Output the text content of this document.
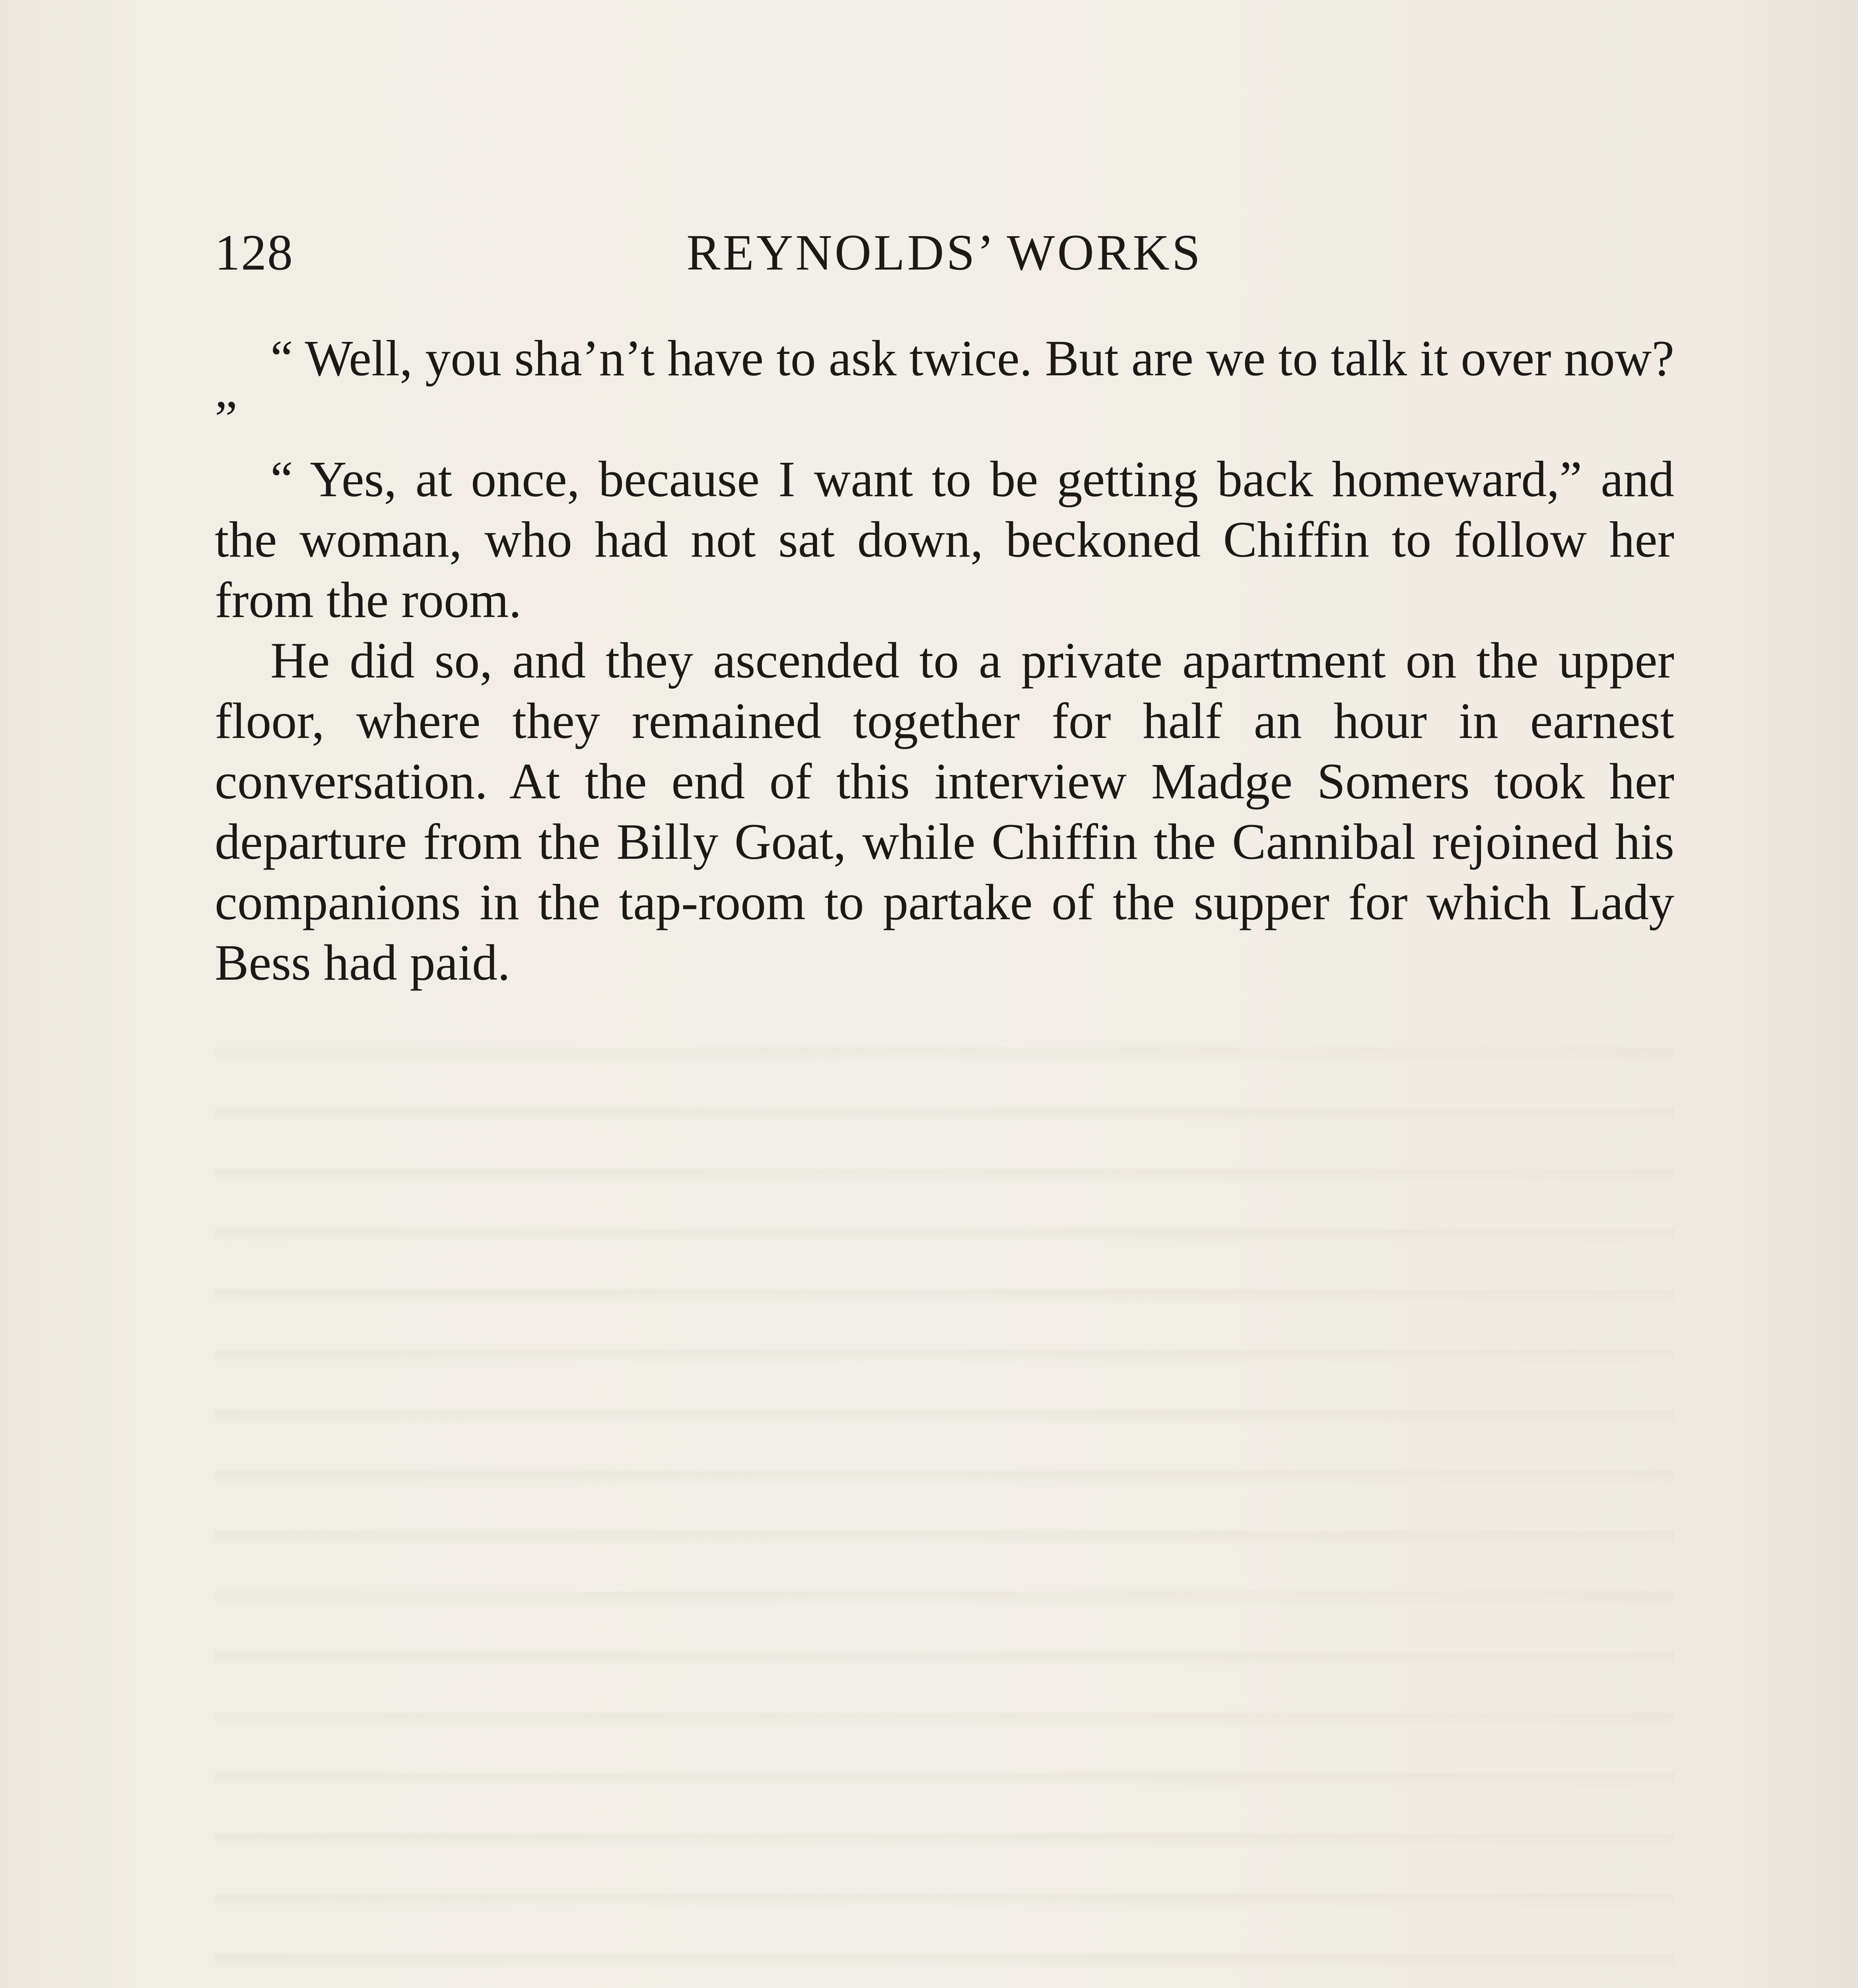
128	REYNOLDS’ WORKS

“ Well, you sha’n’t have to ask twice. But are we to talk it over now? ”

“ Yes, at once, because I want to be getting back homeward,” and the woman, who had not sat down, beckoned Chiffin to follow her from the room.

He did so, and they ascended to a private apartment on the upper floor, where they remained together for half an hour in earnest conversation. At the end of this interview Madge Somers took her departure from the Billy Goat, while Chiffin the Cannibal rejoined his companions in the tap-room to partake of the supper for which Lady Bess had paid.
